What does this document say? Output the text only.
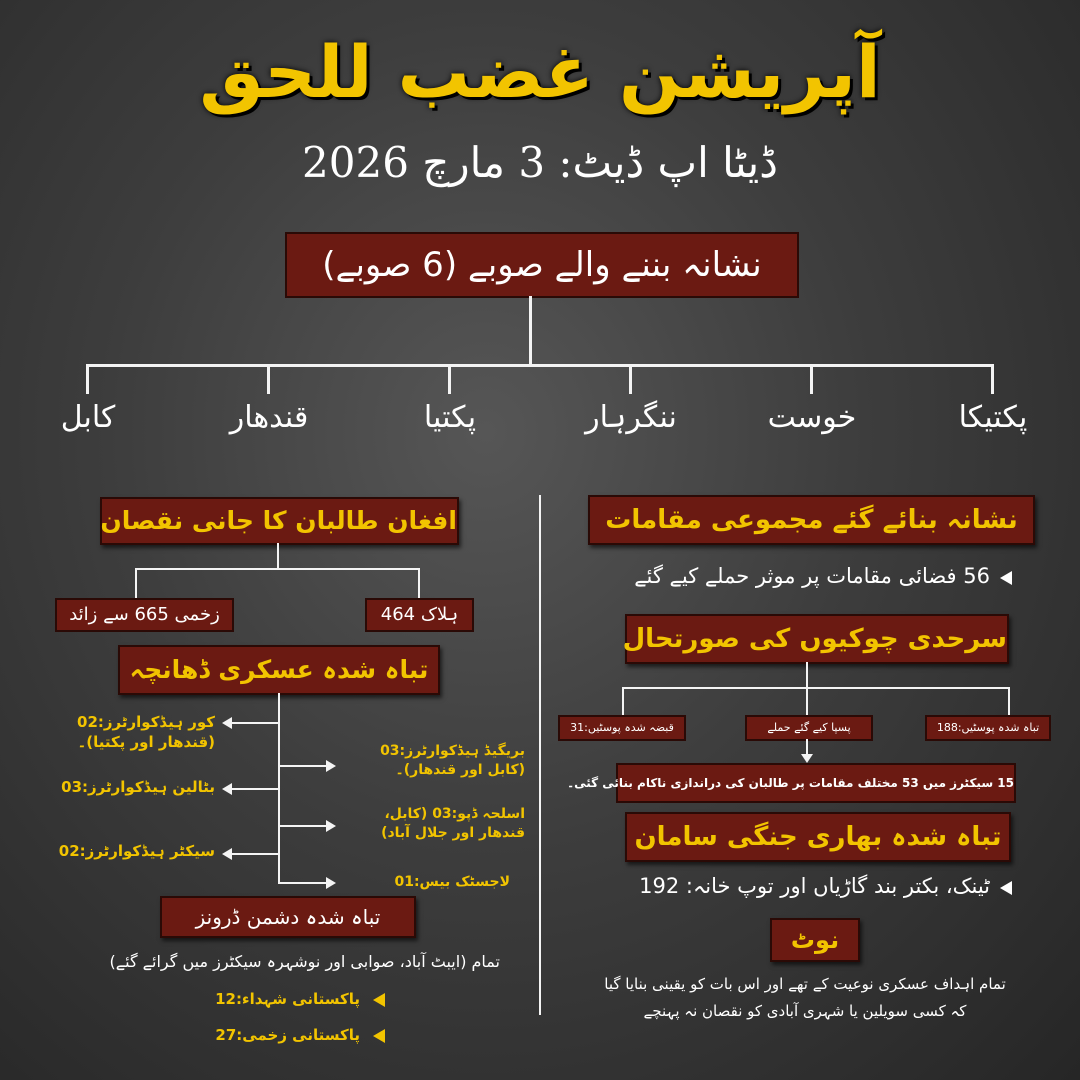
آپریشن غضب للحق
ڈیٹا اپ ڈیٹ: 3 مارچ 2026
نشانہ بننے والے صوبے (6 صوبے)
پکتیکا
خوست
ننگرہار
پکتیا
قندھار
کابل
افغان طالبان کا جانی نقصان
زخمی 665 سے زائد	ہلاک 464
تباہ شدہ عسکری ڈھانچہ
کور ہیڈکوارٹرز:02 (قندھار اور پکتیا)۔
بٹالین ہیڈکوارٹرز:03
سیکٹر ہیڈکوارٹرز:02
بریگیڈ ہیڈکوارٹرز:03 (کابل اور قندھار)۔
اسلحہ ڈپو:03 (کابل، قندھار اور جلال آباد)
لاجسٹک بیس:01
تباہ شدہ دشمن ڈرونز
تمام (ایبٹ آباد، صوابی اور نوشہرہ سیکٹرز میں گرائے گئے)
پاکستانی شہداء:12
پاکستانی زخمی:27
نشانہ بنائے گئے مجموعی مقامات
56 فضائی مقامات پر موثر حملے کیے گئے
سرحدی چوکیوں کی صورتحال
قبضہ شدہ پوسٹیں:31	پسپا کیے گئے حملے	تباہ شدہ پوسٹیں:188
15 سیکٹرز میں 53 مختلف مقامات پر طالبان کی دراندازی ناکام بنائی گئی۔
تباہ شدہ بھاری جنگی سامان
ٹینک، بکتر بند گاڑیاں اور توپ خانہ: 192
نوٹ
تمام اہداف عسکری نوعیت کے تھے اور اس بات کو یقینی بنایا گیا
کہ کسی سویلین یا شہری آبادی کو نقصان نہ پہنچے
